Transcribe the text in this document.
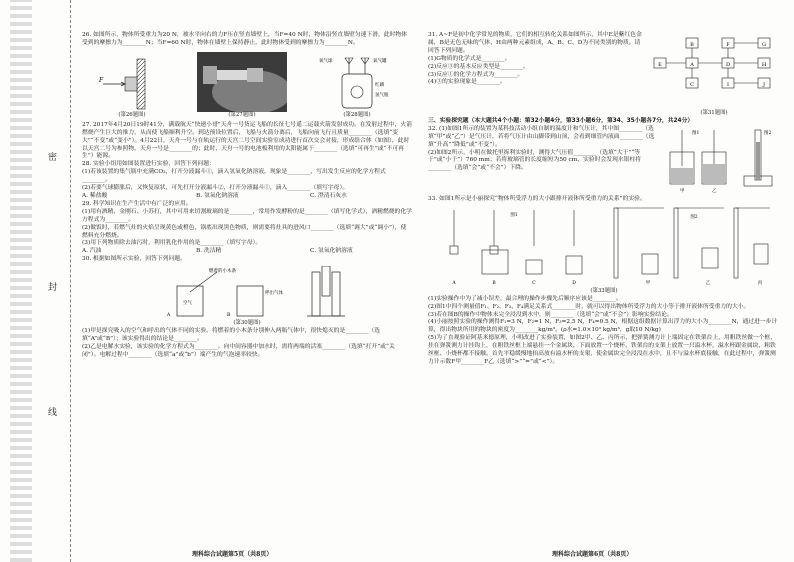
密
封
线

26. 如图所示，物体所受重力为20 N，被水平向右的力F压在竖直墙壁上，当F=40 N时，物体沿竖直墙壁匀速下滑，此时物体受到的摩擦力为________N；当F=60 N时，物体在墙壁上保持静止，此时物体受到的摩擦力为________N。

F
(第26题图)	(第27题图)
氧气球	氧气罐
红磷
氢气瓶
(第28题图)

27. 2017年4月20日19时41分，满载航天“快递小哥”天舟一号货运飞船的长征七号遥二运载火箭发射成功。在发射过程中，火箭燃烧产生巨大的推力，从而使飞船顺利升空。到达预设位置后，飞船与火箭分离后，飞船向前飞行且质量________（选填“变大”“不变”或“变小”）。4月22日，天舟一号与在轨运行的天宫二号空间实验室成功进行首次交会对接，形成组合体（如图），此时以天宫二号为参照物，天舟一号是________的；此时，天舟一号的电池板利用的太阳能属于________（选填“可再生”或“不可再生”）能源。

28. 实验小组用如图装置进行实验，回答下列问题：

(1)若该装置的集气瓶中充满CO₂，打开分液漏斗①，滴入氢氧化钠溶液，现象是________，写出发生反应的化学方程式________。

(2)若要气球膨胀后，又恢复原状，可先打开分液漏斗②，打开分液漏斗①，滴入________（填写字母）。

A. 稀盐酸	B. 氢氧化钠溶液	C. 澄清石灰水

29. 科学知识在生产生活中有广泛的应用。

(1)用有酒精、金刚石、小苏打，其中可用来切割玻璃的是________，常用作发酵粉的是________（填写化学式），酒精燃烧的化学方程式为________。

(2)做饭时，若燃气灶的火焰呈现黄色或橙色，锅底出现黑色物质，则需要将灶具的进风口________（选填“调大”或“调小”），使燃料充分燃烧。

(3)用下列物质除去油污时，利用乳化作用的是________（填写字母）。

A. 汽油	B. 洗洁精	C. 氢氧化钠溶液

30. 根据如图所示实验，回答下列问题。

燃着的小木条
空气
呼出气体
A	B
(第30题图)

(1)甲是探究吸入的空气和呼出的气体不同的实验。将燃着的小木条分别伸入两瓶气体中，很快熄灭的是________（选填“A”或“B”）；该实验得出的结论是________。

(2)乙是电解水实验，该实验的化学方程式为________。向中间容器中加水时，需将两端的活塞________（选填“打开”或“关闭”）。电解过程中________（选填“a”或“b”）端产生的气泡速率较快。

理科综合试题第5页（共8页）

31. A~F是初中化学常见的物质，它们的相互转化关系如图所示，其中E是紫红色金属，B是无色无味的气体，H由两种元素组成，A、B、C、D为不同类别的物质。请回答下列问题。

(1)G物质的化学式是________。

(2)反应③的基本反应类型是________。

(3)反应①的化学方程式为________。

(4)③的实验现象是________。

E	A
B
C
D
F	G
H
I	J
(第31题图)

三、实验探究题（本大题共4个小题：第32小题4分，第33小题6分，第34、35小题各7分，共24分）

32. (1)如图1所示的装置为某科技活动小组自制的温度计和气压计，其中图________（选填“甲”或“乙”）是气压计，若将气压计由山脚带到山顶，会看到细管内液面________（选填“升高”“降低”或“不变”）。

(2)如图2所示，小明在做托里拆利实验时，测得大气压值________（选填“大于”“等于”或“小于”）760 mm；若将玻璃管的长度缩短为50 cm，实验时会发现水银柱将________（选填“会”或“不会”）下降。

甲	乙
图1	图2

33. 如图1所示是小丽探究“物体所受浮力的大小跟排开液体所受重力的关系”的实验。

A	B	C	D	甲	乙	丙
图1	图2
(第33题图)

(1)实验操作中为了减小误差，最合理的操作步骤先后顺序应该是________。

(2)图1中四个测量值F₁、F₂、F₃、F₄满足关系式________时，就可以得出物体所受浮力的大小等于排开液体所受重力的大小。

(3)若在图B的操作中物体未完全浸没到水中，则________（选填“会”或“不会”）影响实验结论。

(4)小丽按照实验的操作测得F₁=3 N，F₂=1 N，F₃=2.5 N，F₄=0.5 N，根据这组数据计算出浮力的大小为________N，通过进一步计算，得出物块所用的物块的密度为________kg/m³。(ρ水=1.0×10³ kg/m³，g取10 N/kg)

(5)为了直观验证阿基米德原理，小明改进了实验装置，如图2甲、乙、丙所示，把弹簧测力计上端固定在铁架台上，用粗铁丝做一个框，挂在弹簧测力计挂钩上，在粗铁丝框上端悬挂一个金属块，下面放置一个烧杯。铁架台的支架上放置一只溢水杯，溢水杯跟金属块、粗铁丝框、小烧杯都不接触。首先平稳缓慢地抬高放有溢水杯的支架，使金属块完全浸没在水中，且不与溢水杯底接触，在此过程中，弹簧测力计示数F甲________F乙（选填“>”“=”或“<”）。

理科综合试题第6页（共8页）
